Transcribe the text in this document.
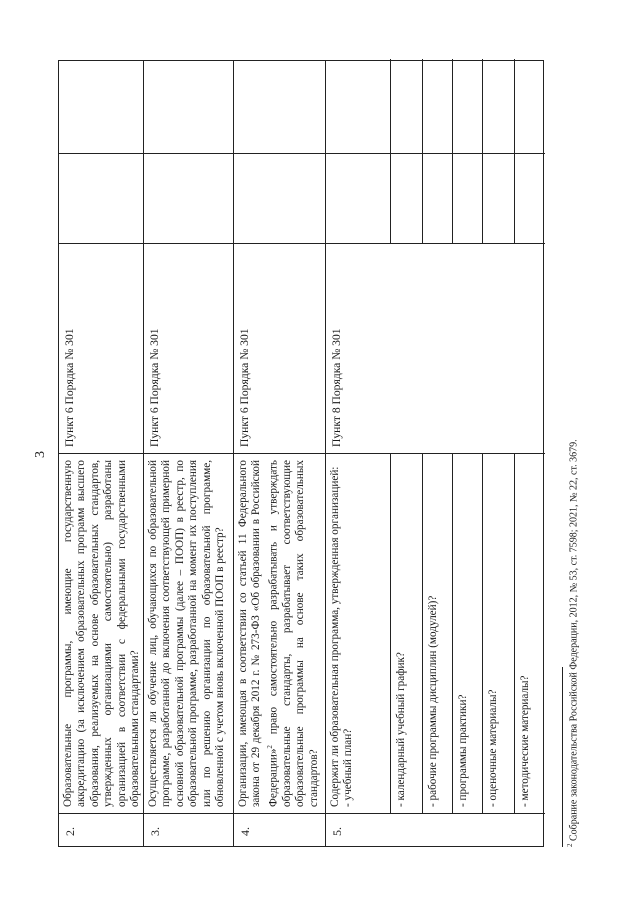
3
2.
Образовательные программы, имеющие государственную аккредитацию (за исключением образовательных программ высшего образования, реализуемых на основе образовательных стандартов, утвержденных организациями самостоятельно) разработаны организацией в соответствии с федеральными государственными образовательными стандартами?
Пункт 6 Порядка № 301
3.
Осуществляется ли обучение лиц, обучающихся по образовательной программе, разработанной до включения соответствующей примерной основной образовательной программы (далее – ПООП) в реестр, по образовательной программе, разработанной на момент их поступления или по решению организации по образовательной программе, обновленной с учетом вновь включенной ПООП в реестр?
Пункт 6 Порядка № 301
4.
Организации, имеющая в соответствии со статьей 11 Федерального закона от 29 декабря 2012 г. № 273-ФЗ «Об образовании в Российской Федерации»$^2$ право самостоятельно разрабатывать и утверждать образовательные стандарты, разрабатывает соответствующие образовательные программы на основе таких образовательных стандартов?
Пункт 6 Порядка № 301
5.
Содержит ли образовательная программа, утвержденная организацией:
- учебный план?	- календарный учебный график?	- рабочие программы дисциплин (модулей)?	- программы практики?	- оценочные материалы?	- методические материалы?
Пункт 8 Порядка № 301
$^2$ Собрание законодательства Российской Федерации, 2012, № 53, ст. 7598; 2021, № 22, ст. 3679.
